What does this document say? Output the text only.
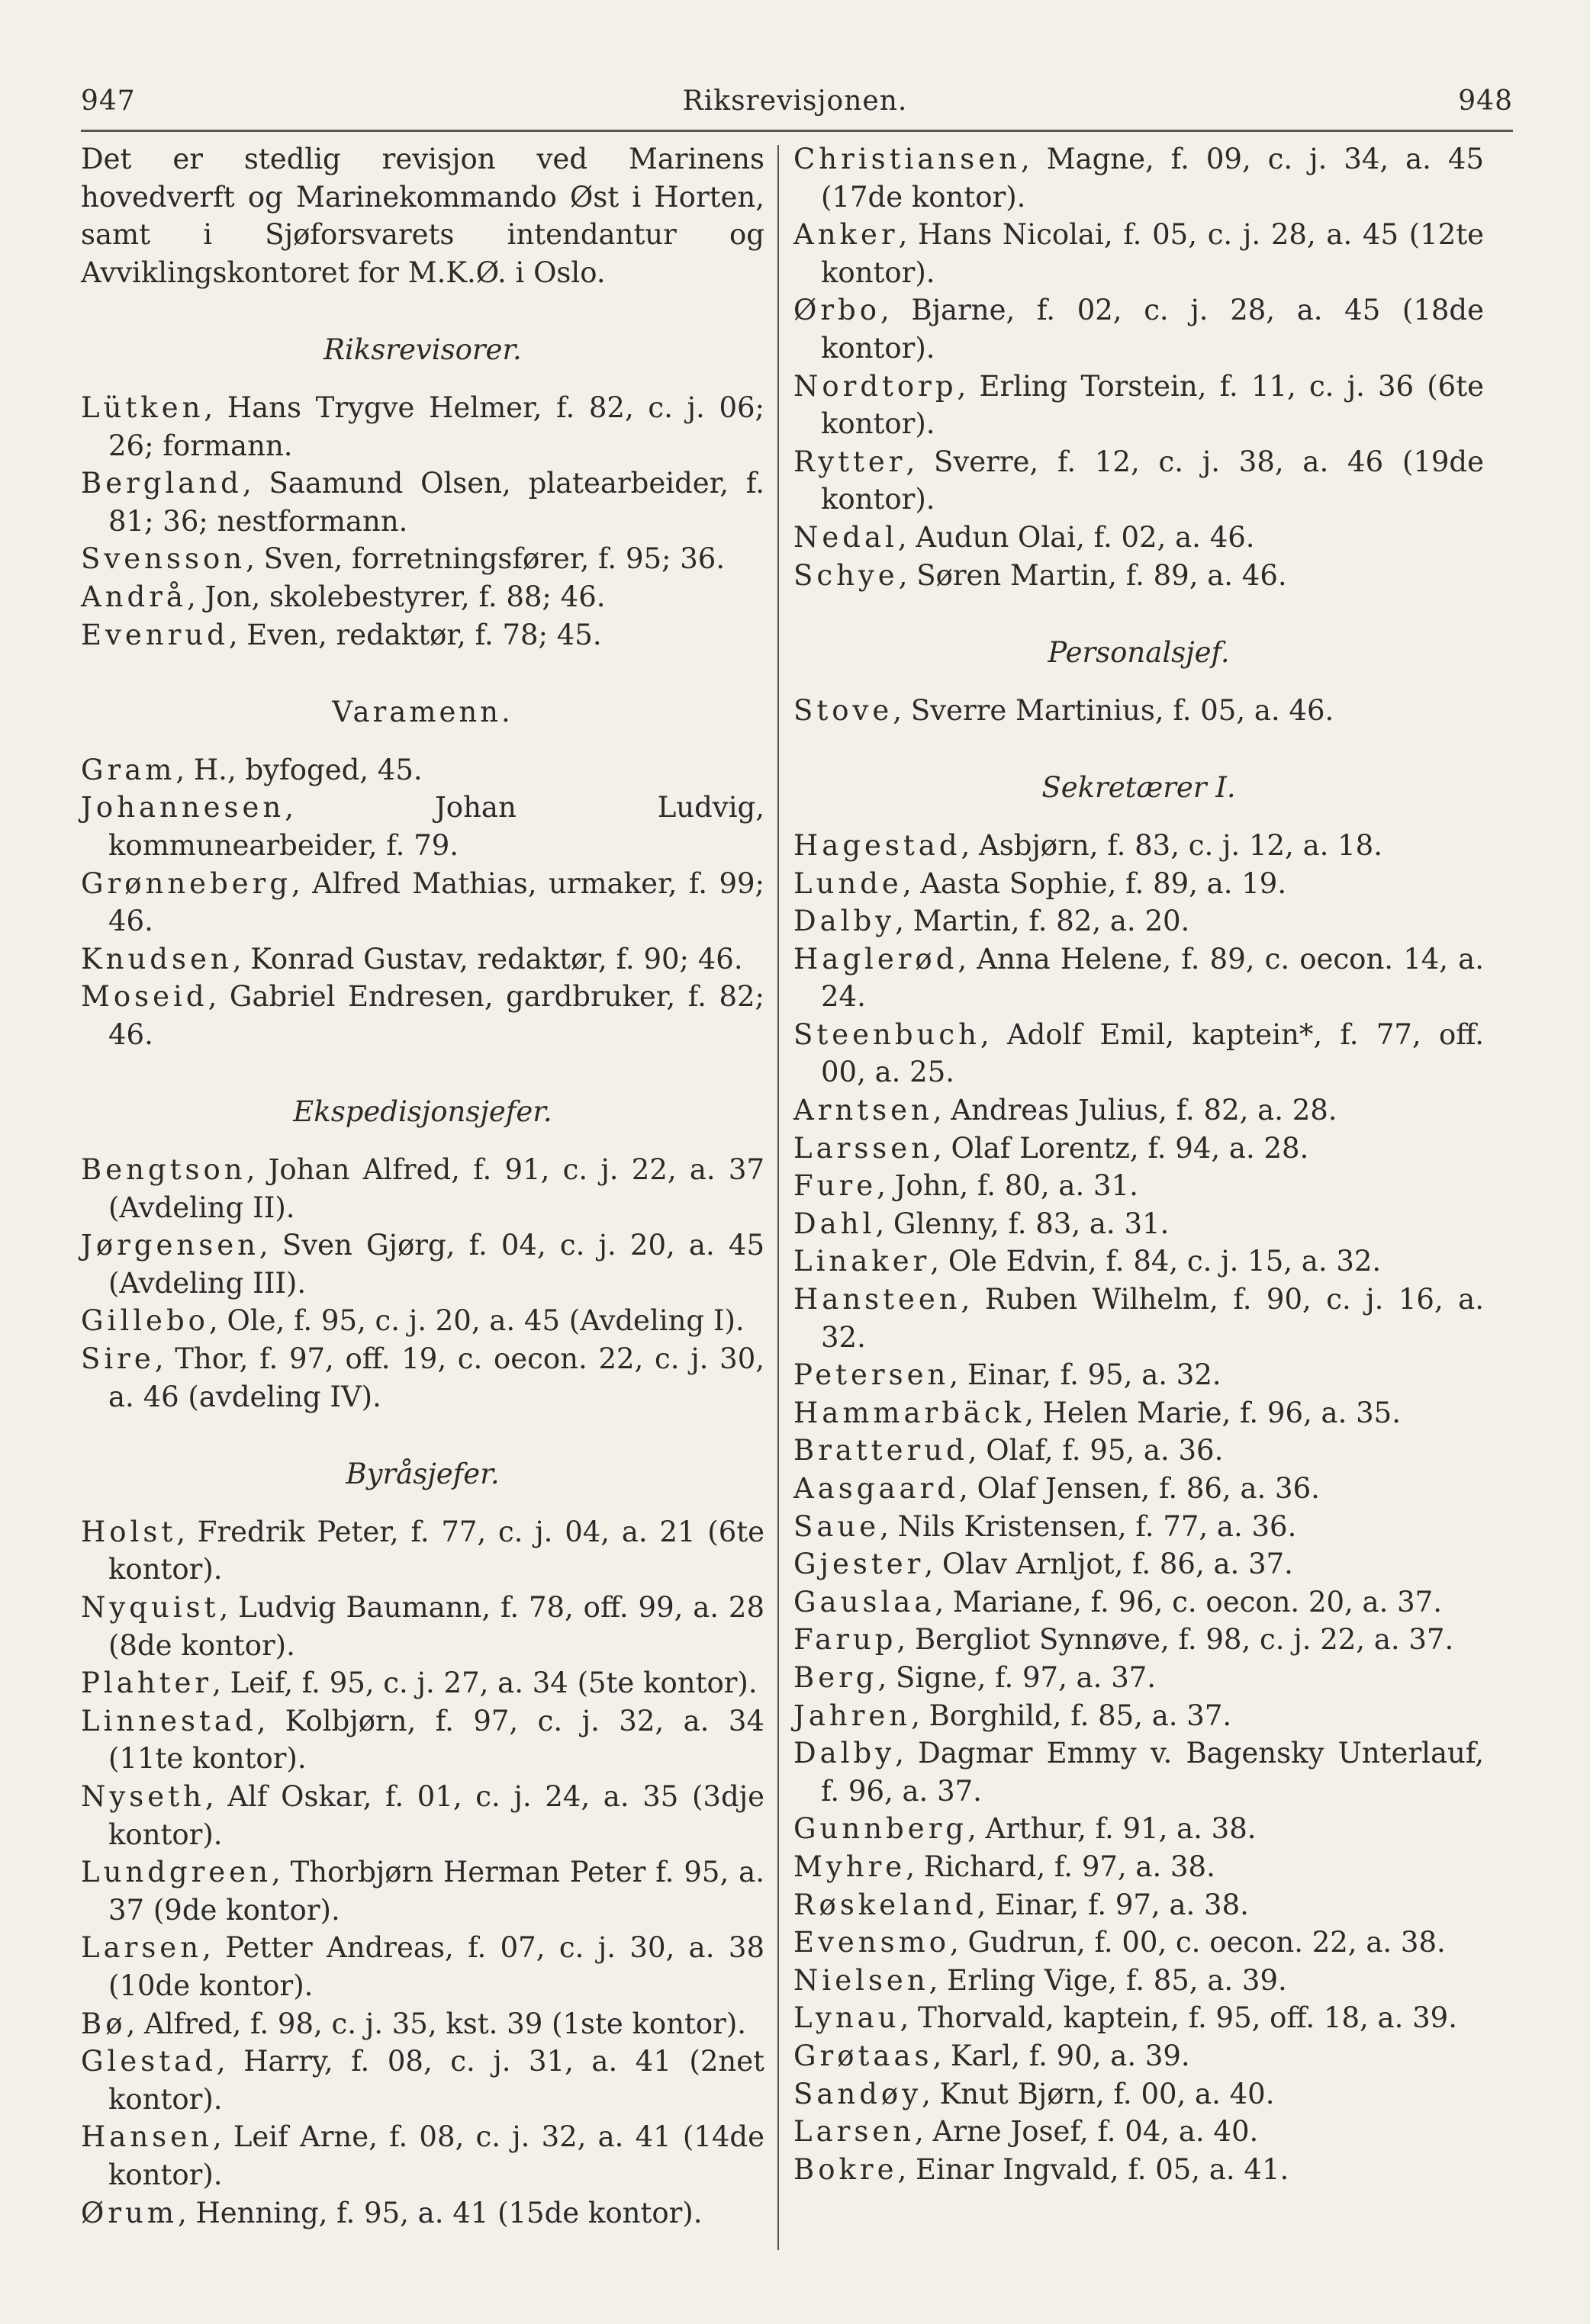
947	Riksrevisjonen.	948

Det er stedlig revisjon ved Marinens hovedverft og Marinekommando Øst i Horten, samt i Sjøforsvarets intendantur og Avviklingskontoret for M.K.Ø. i Oslo.

Riksrevisorer.

Lütken, Hans Trygve Helmer, f. 82, c. j. 06; 26; formann.

Bergland, Saamund Olsen, platearbeider, f. 81; 36; nestformann.

Svensson, Sven, forretningsfører, f. 95; 36.

Andrå, Jon, skolebestyrer, f. 88; 46.

Evenrud, Even, redaktør, f. 78; 45.

Varamenn.

Gram, H., byfoged, 45.

Johannesen, Johan Ludvig, kommunearbeider, f. 79.

Grønneberg, Alfred Mathias, urmaker, f. 99; 46.

Knudsen, Konrad Gustav, redaktør, f. 90; 46.

Moseid, Gabriel Endresen, gardbruker, f. 82; 46.

Ekspedisjonsjefer.

Bengtson, Johan Alfred, f. 91, c. j. 22, a. 37 (Avdeling II).

Jørgensen, Sven Gjørg, f. 04, c. j. 20, a. 45 (Avdeling III).

Gillebo, Ole, f. 95, c. j. 20, a. 45 (Avdeling I).

Sire, Thor, f. 97, off. 19, c. oecon. 22, c. j. 30, a. 46 (avdeling IV).

Byråsjefer.

Holst, Fredrik Peter, f. 77, c. j. 04, a. 21 (6te kontor).

Nyquist, Ludvig Baumann, f. 78, off. 99, a. 28 (8de kontor).

Plahter, Leif, f. 95, c. j. 27, a. 34 (5te kontor).

Linnestad, Kolbjørn, f. 97, c. j. 32, a. 34 (11te kontor).

Nyseth, Alf Oskar, f. 01, c. j. 24, a. 35 (3dje kontor).

Lundgreen, Thorbjørn Herman Peter f. 95, a. 37 (9de kontor).

Larsen, Petter Andreas, f. 07, c. j. 30, a. 38 (10de kontor).

Bø, Alfred, f. 98, c. j. 35, kst. 39 (1ste kontor).

Glestad, Harry, f. 08, c. j. 31, a. 41 (2net kontor).

Hansen, Leif Arne, f. 08, c. j. 32, a. 41 (14de kontor).

Ørum, Henning, f. 95, a. 41 (15de kontor).

Christiansen, Magne, f. 09, c. j. 34, a. 45 (17de kontor).

Anker, Hans Nicolai, f. 05, c. j. 28, a. 45 (12te kontor).

Ørbo, Bjarne, f. 02, c. j. 28, a. 45 (18de kontor).

Nordtorp, Erling Torstein, f. 11, c. j. 36 (6te kontor).

Rytter, Sverre, f. 12, c. j. 38, a. 46 (19de kontor).

Nedal, Audun Olai, f. 02, a. 46.

Schye, Søren Martin, f. 89, a. 46.

Personalsjef.

Stove, Sverre Martinius, f. 05, a. 46.

Sekretærer I.

Hagestad, Asbjørn, f. 83, c. j. 12, a. 18.

Lunde, Aasta Sophie, f. 89, a. 19.

Dalby, Martin, f. 82, a. 20.

Haglerød, Anna Helene, f. 89, c. oecon. 14, a. 24.

Steenbuch, Adolf Emil, kaptein*, f. 77, off. 00, a. 25.

Arntsen, Andreas Julius, f. 82, a. 28.

Larssen, Olaf Lorentz, f. 94, a. 28.

Fure, John, f. 80, a. 31.

Dahl, Glenny, f. 83, a. 31.

Linaker, Ole Edvin, f. 84, c. j. 15, a. 32.

Hansteen, Ruben Wilhelm, f. 90, c. j. 16, a. 32.

Petersen, Einar, f. 95, a. 32.

Hammarbäck, Helen Marie, f. 96, a. 35.

Bratterud, Olaf, f. 95, a. 36.

Aasgaard, Olaf Jensen, f. 86, a. 36.

Saue, Nils Kristensen, f. 77, a. 36.

Gjester, Olav Arnljot, f. 86, a. 37.

Gauslaa, Mariane, f. 96, c. oecon. 20, a. 37.

Farup, Bergliot Synnøve, f. 98, c. j. 22, a. 37.

Berg, Signe, f. 97, a. 37.

Jahren, Borghild, f. 85, a. 37.

Dalby, Dagmar Emmy v. Bagensky Unterlauf, f. 96, a. 37.

Gunnberg, Arthur, f. 91, a. 38.

Myhre, Richard, f. 97, a. 38.

Røskeland, Einar, f. 97, a. 38.

Evensmo, Gudrun, f. 00, c. oecon. 22, a. 38.

Nielsen, Erling Vige, f. 85, a. 39.

Lynau, Thorvald, kaptein, f. 95, off. 18, a. 39.

Grøtaas, Karl, f. 90, a. 39.

Sandøy, Knut Bjørn, f. 00, a. 40.

Larsen, Arne Josef, f. 04, a. 40.

Bokre, Einar Ingvald, f. 05, a. 41.
